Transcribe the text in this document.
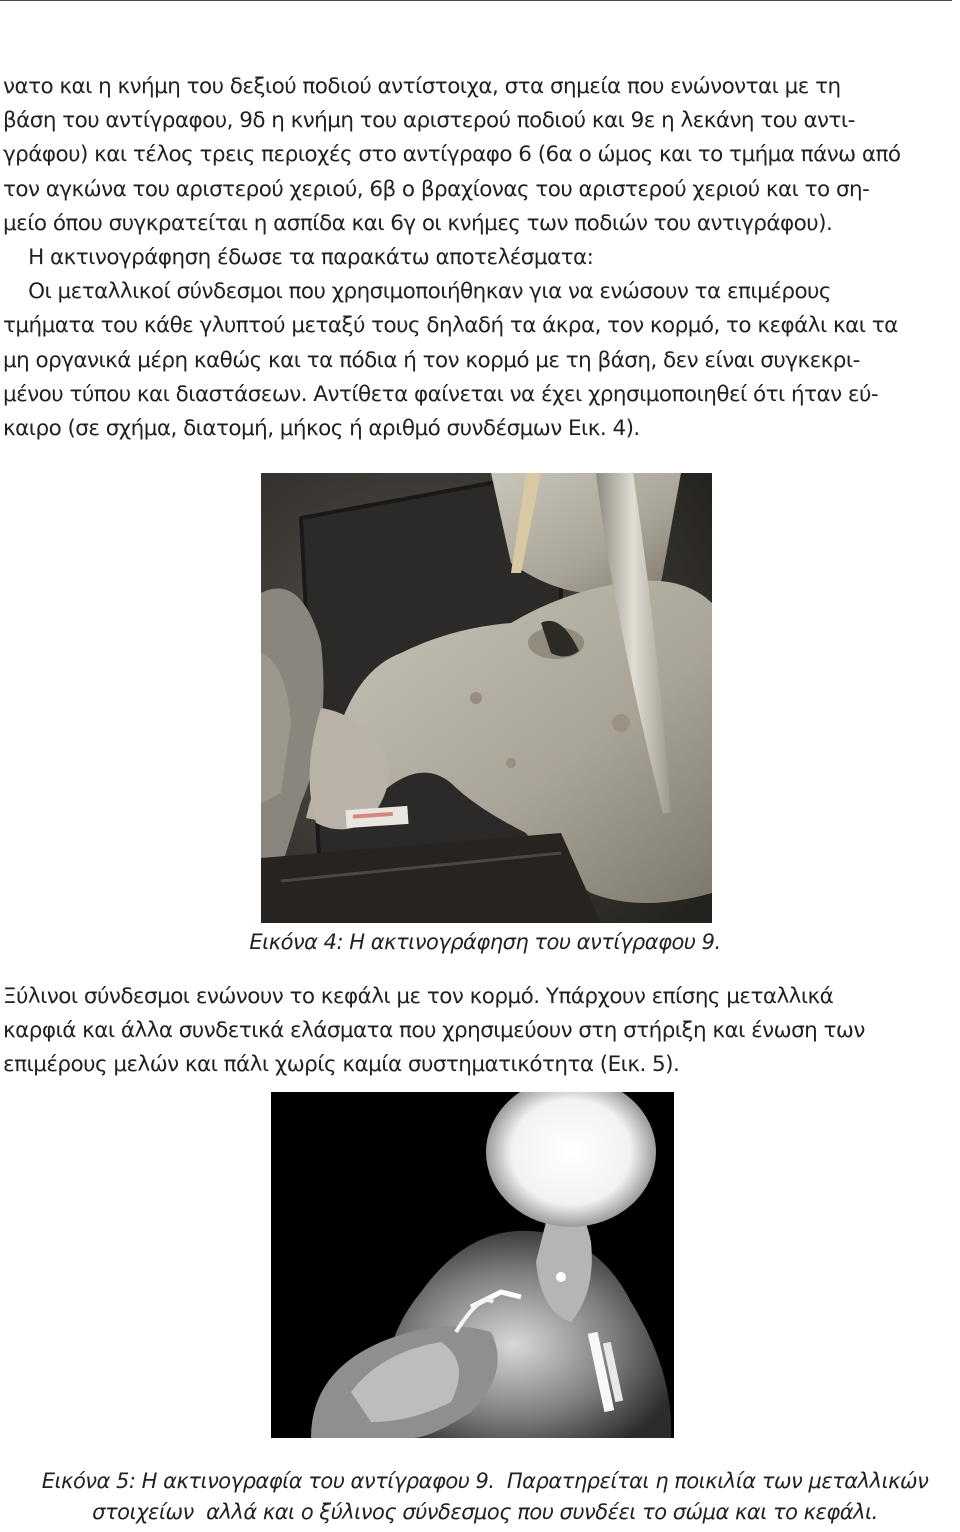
νατο και η κνήμη του δεξιού ποδιού αντίστοιχα, στα σημεία που ενώνονται με τη
βάση του αντίγραφου, 9δ η κνήμη του αριστερού ποδιού και 9ε η λεκάνη του αντι-
γράφου) και τέλος τρεις περιοχές στο αντίγραφο 6 (6α ο ώμος και το τμήμα πάνω από
τον αγκώνα του αριστερού χεριού, 6β ο βραχίονας του αριστερού χεριού και το ση-
μείο όπου συγκρατείται η ασπίδα και 6γ οι κνήμες των ποδιών του αντιγράφου).
Η ακτινογράφηση έδωσε τα παρακάτω αποτελέσματα:
Οι μεταλλικοί σύνδεσμοι που χρησιμοποιήθηκαν για να ενώσουν τα επιμέρους
τμήματα του κάθε γλυπτού μεταξύ τους δηλαδή τα άκρα, τον κορμό, το κεφάλι και τα
μη οργανικά μέρη καθώς και τα πόδια ή τον κορμό με τη βάση, δεν είναι συγκεκρι-
μένου τύπου και διαστάσεων. Αντίθετα φαίνεται να έχει χρησιμοποιηθεί ότι ήταν εύ-
καιρο (σε σχήμα, διατομή, μήκος ή αριθμό συνδέσμων Εικ. 4).
Εικόνα 4: Η ακτινογράφηση του αντίγραφου 9.
Ξύλινοι σύνδεσμοι ενώνουν το κεφάλι με τον κορμό. Υπάρχουν επίσης μεταλλικά
καρφιά και άλλα συνδετικά ελάσματα που χρησιμεύουν στη στήριξη και ένωση των
επιμέρους μελών και πάλι χωρίς καμία συστηματικότητα (Εικ. 5).
Εικόνα 5: Η ακτινογραφία του αντίγραφου 9.  Παρατηρείται η ποικιλία των μεταλλικών
στοιχείων  αλλά και ο ξύλινος σύνδεσμος που συνδέει το σώμα και το κεφάλι.
